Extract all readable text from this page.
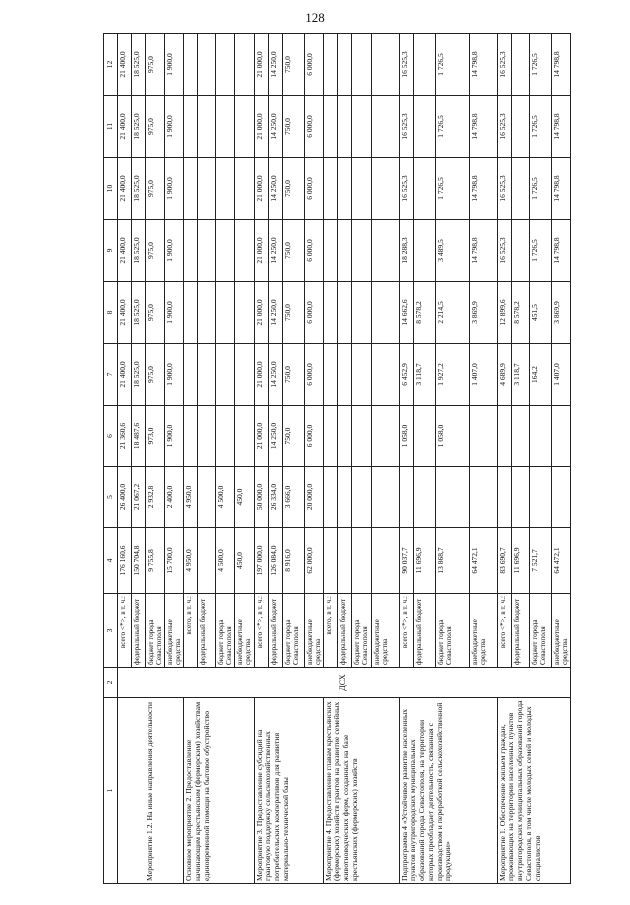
128
1	2	3	4	5	6	7	8	9	10	11	12
Мероприятие 1.2. На иные направления деятельности	ДСХ	всего <*>, в т. ч.:	176 160,6	26 400,0	21 360,6	21 400,0	21 400,0	21 400,0	21 400,0	21 400,0	21 400,0
		федеральный бюджет	150 704,8	21 067,2	18 487,6	18 525,0	18 525,0	18 525,0	18 525,0	18 525,0	18 525,0
		бюджет города Севастополя	9 755,8	2 932,8	973,0	975,0	975,0	975,0	975,0	975,0	975,0
		внебюджетные средства	15 700,0	2 400,0	1 900,0	1 900,0	1 900,0	1 900,0	1 900,0	1 900,0	1 900,0
Основное мероприятие 2. Предоставление начинающим крестьянским (фермерским) хозяйствам единовременной помощи на бытовое обустройство		всего, в т. ч.:	4 950,0	4 950,0							
		федеральный бюджет									
		бюджет города Севастополя	4 500,0	4 500,0							
		внебюджетные средства	450,0	450,0							
Мероприятие 3. Предоставление субсидий на грантовую поддержку сельскохозяйственных потребительских кооперативов для развития материально-технической базы		всего <*>, в т. ч.:	197 000,0	50 000,0	21 000,0	21 000,0	21 000,0	21 000,0	21 000,0	21 000,0	21 000,0
		федеральный бюджет	126 084,0	26 334,0	14 250,0	14 250,0	14 250,0	14 250,0	14 250,0	14 250,0	14 250,0
		бюджет города Севастополя	8 916,0	3 666,0	750,0	750,0	750,0	750,0	750,0	750,0	750,0
		внебюджетные средства	62 000,0	20 000,0	6 000,0	6 000,0	6 000,0	6 000,0	6 000,0	6 000,0	6 000,0
Мероприятие 4. Предоставление главам крестьянских (фермерских) хозяйств грантов на развитие семейных животноводческих ферм, созданных на базе крестьянских (фермерских) хозяйств		всего, в т. ч.:									
		федеральный бюджет									
		бюджет города Севастополя									
		внебюджетные средства									
Подпрограмма 4 «Устойчивое развитие населенных пунктов внутригородских муниципальных образований города Севастополя, на территории которых преобладает деятельность, связанная с производством и переработкой сельскохозяйственной продукции»		всего <*>, в т. ч.:	90 037,7		1 058,0	6 452,9	14 662,6	18 288,3	16 525,3	16 525,3	16 525,3
		федеральный бюджет	11 696,9			3 118,7	8 578,2				
		бюджет города Севастополя	13 868,7		1 058,0	1 927,2	2 214,5	3 489,5	1 726,5	1 726,5	1 726,5
		внебюджетные средства	64 472,1			1 407,0	3 869,9	14 798,8	14 798,8	14 798,8	14 798,8
Мероприятие 1. Обеспечение жильем граждан, проживающих на территории населенных пунктов внутригородских муниципальных образований города Севастополя, в том числе молодых семей и молодых специалистов		всего <*>, в т. ч.:	83 690,7			4 689,9	12 899,6	16 525,3	16 525,3	16 525,3	16 525,3
		федеральный бюджет	11 696,9			3 118,7	8 578,2				
		бюджет города Севастополя	7 521,7			164,2	451,5	1 726,5	1 726,5	1 726,5	1 726,5
		внебюджетные средства	64 472,1			1 407,0	3 869,9	14 798,8	14 798,8	14 798,8	14 798,8
